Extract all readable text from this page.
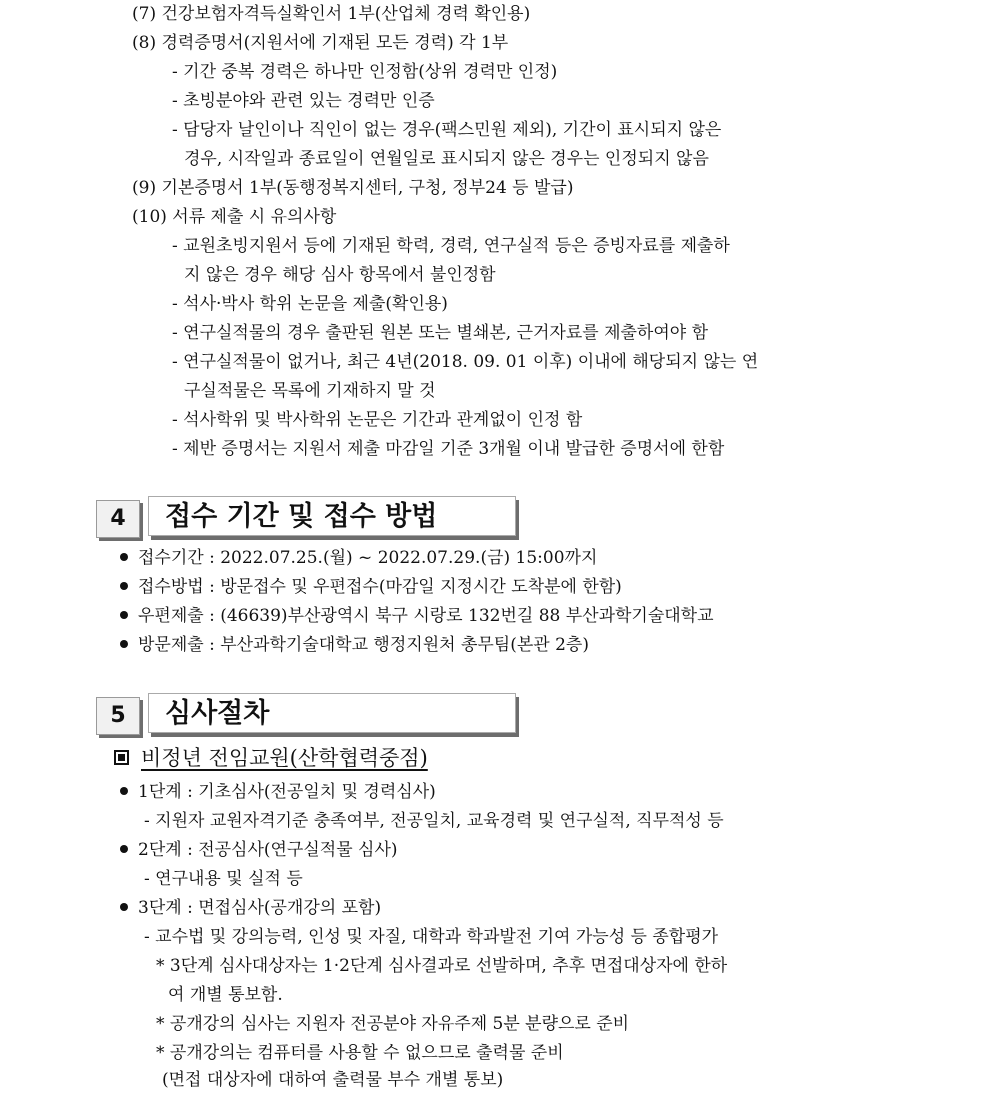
(7) 건강보험자격득실확인서 1부(산업체 경력 확인용)
(8) 경력증명서(지원서에 기재된 모든 경력) 각 1부
- 기간 중복 경력은 하나만 인정함(상위 경력만 인정)
- 초빙분야와 관련 있는 경력만 인증
- 담당자 날인이나 직인이 없는 경우(팩스민원 제외), 기간이 표시되지 않은
경우, 시작일과 종료일이 연월일로 표시되지 않은 경우는 인정되지 않음
(9) 기본증명서 1부(동행정복지센터, 구청, 정부24 등 발급)
(10) 서류 제출 시 유의사항
- 교원초빙지원서 등에 기재된 학력, 경력, 연구실적 등은 증빙자료를 제출하
지 않은 경우 해당 심사 항목에서 불인정함
- 석사·박사 학위 논문을 제출(확인용)
- 연구실적물의 경우 출판된 원본 또는 별쇄본, 근거자료를 제출하여야 함
- 연구실적물이 없거나, 최근 4년(2018. 09. 01 이후) 이내에 해당되지 않는 연
구실적물은 목록에 기재하지 말 것
- 석사학위 및 박사학위 논문은 기간과 관계없이 인정 함
- 제반 증명서는 지원서 제출 마감일 기준 3개월 이내 발급한 증명서에 한함
4	접수 기간 및 접수 방법
접수기간 : 2022.07.25.(월) ~ 2022.07.29.(금) 15:00까지
접수방법 : 방문접수 및 우편접수(마감일 지정시간 도착분에 한함)
우편제출 : (46639)부산광역시 북구 시랑로 132번길 88 부산과학기술대학교
방문제출 : 부산과학기술대학교 행정지원처 총무팀(본관 2층)
5	심사절차
비정년 전임교원(산학협력중점)
1단계 : 기초심사(전공일치 및 경력심사)
- 지원자 교원자격기준 충족여부, 전공일치, 교육경력 및 연구실적, 직무적성 등
2단계 : 전공심사(연구실적물 심사)
- 연구내용 및 실적 등
3단계 : 면접심사(공개강의 포함)
- 교수법 및 강의능력, 인성 및 자질, 대학과 학과발전 기여 가능성 등 종합평가
* 3단계 심사대상자는 1·2단계 심사결과로 선발하며, 추후 면접대상자에 한하
여 개별 통보함.
* 공개강의 심사는 지원자 전공분야 자유주제 5분 분량으로 준비
* 공개강의는 컴퓨터를 사용할 수 없으므로 출력물 준비
(면접 대상자에 대하여 출력물 부수 개별 통보)
